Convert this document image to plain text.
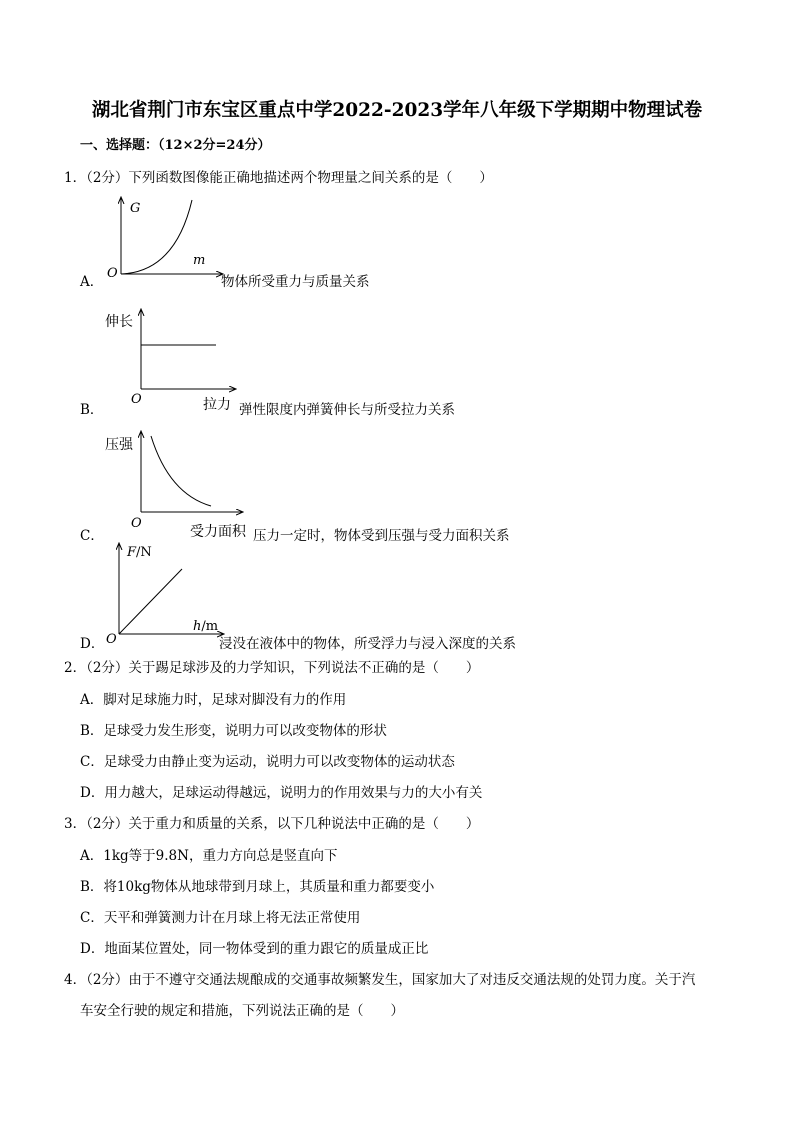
湖北省荆门市东宝区重点中学2022-2023学年八年级下学期期中物理试卷
一、选择题：（12×2分=24分）
1．（2分）下列函数图像能正确地描述两个物理量之间关系的是（　　）
A．
G
m
O
物体所受重力与质量关系
B．
伸长
拉力
O
弹性限度内弹簧伸长与所受拉力关系
C．
压强
受力面积
O
压力一定时，物体受到压强与受力面积关系
D．
F/N
h/m
O	浸没在液体中的物体，所受浮力与浸入深度的关系
2．（2分）关于踢足球涉及的力学知识，下列说法不正确的是（　　）
A．脚对足球施力时，足球对脚没有力的作用
B．足球受力发生形变，说明力可以改变物体的形状
C．足球受力由静止变为运动，说明力可以改变物体的运动状态
D．用力越大，足球运动得越远，说明力的作用效果与力的大小有关
3．（2分）关于重力和质量的关系，以下几种说法中正确的是（　　）
A．1kg等于9.8N，重力方向总是竖直向下
B．将10kg物体从地球带到月球上，其质量和重力都要变小
C．天平和弹簧测力计在月球上将无法正常使用
D．地面某位置处，同一物体受到的重力跟它的质量成正比
4．（2分）由于不遵守交通法规酿成的交通事故频繁发生，国家加大了对违反交通法规的处罚力度。关于汽
车安全行驶的规定和措施，下列说法正确的是（　　）
